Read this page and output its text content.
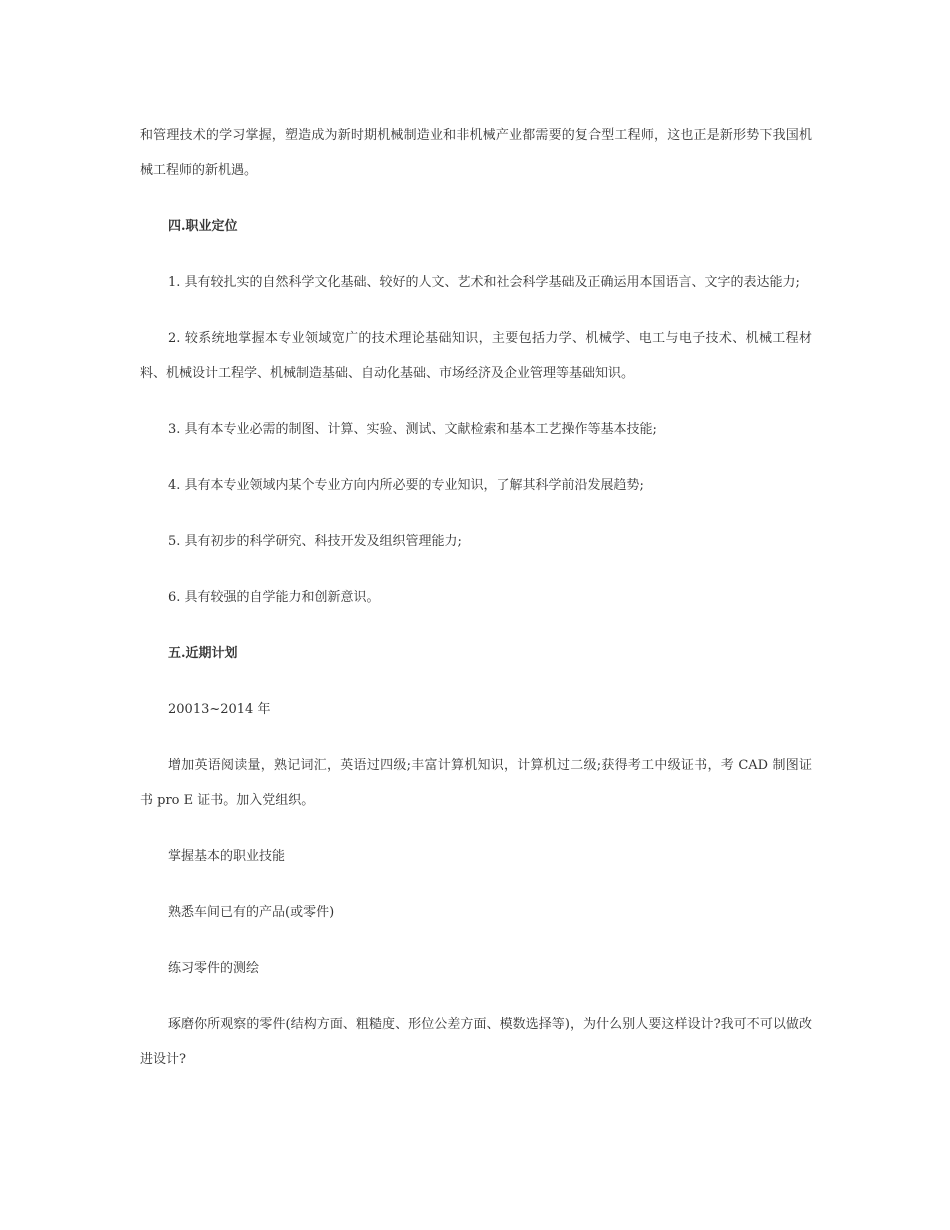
和管理技术的学习掌握，塑造成为新时期机械制造业和非机械产业都需要的复合型工程师，这也正是新形势下我国机械工程师的新机遇。

四.职业定位

1. 具有较扎实的自然科学文化基础、较好的人文、艺术和社会科学基础及正确运用本国语言、文字的表达能力;

2. 较系统地掌握本专业领域宽广的技术理论基础知识，主要包括力学、机械学、电工与电子技术、机械工程材料、机械设计工程学、机械制造基础、自动化基础、市场经济及企业管理等基础知识。

3. 具有本专业必需的制图、计算、实验、测试、文献检索和基本工艺操作等基本技能;

4. 具有本专业领域内某个专业方向内所必要的专业知识，了解其科学前沿发展趋势;

5. 具有初步的科学研究、科技开发及组织管理能力;

6. 具有较强的自学能力和创新意识。

五.近期计划

20013~2014 年

增加英语阅读量，熟记词汇，英语过四级;丰富计算机知识，计算机过二级;获得考工中级证书，考 CAD 制图证书 pro E 证书。加入党组织。

掌握基本的职业技能

熟悉车间已有的产品(或零件)

练习零件的测绘

琢磨你所观察的零件(结构方面、粗糙度、形位公差方面、模数选择等)，为什么别人要这样设计?我可不可以做改进设计?
